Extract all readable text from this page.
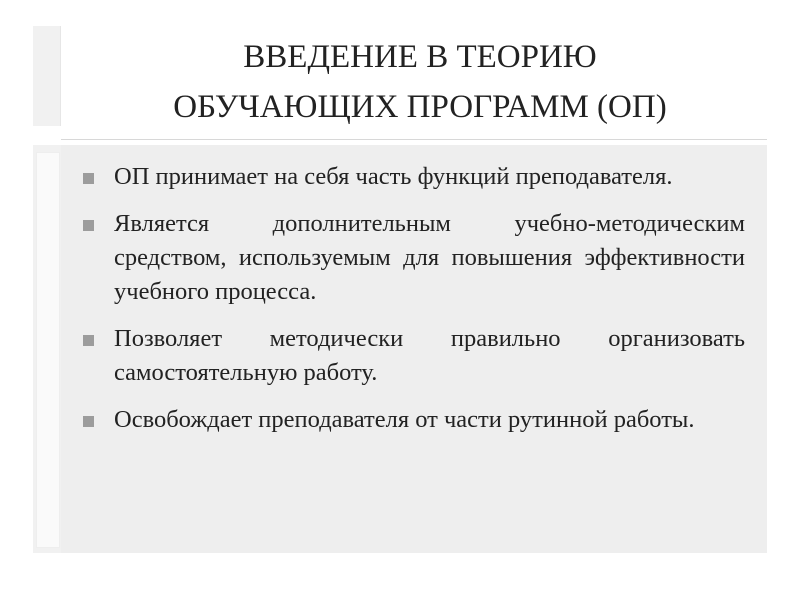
ВВЕДЕНИЕ В ТЕОРИЮ
ОБУЧАЮЩИХ ПРОГРАММ (ОП)
ОП принимает на себя часть функций преподавателя.
Является дополнительным учебно-методическим средством, используемым для повышения эффективности учебного процесса.
Позволяет методически правильно организовать самостоятельную работу.
Освобождает преподавателя от части рутинной работы.
